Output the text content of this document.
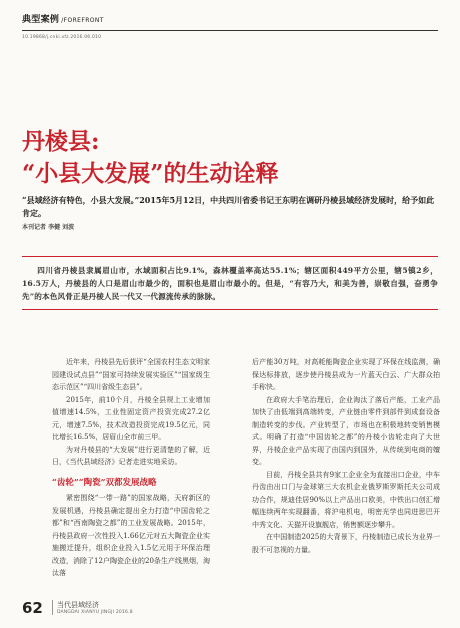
典型案例 /FOREFRONT
10.19868/j.cnki.xfz.2016.06.010
丹棱县:
“小县大发展”的生动诠释
“县域经济有特色，小县大发展。”2015年5月12日，中共四川省委书记王东明在调研丹棱县域经济发展时，给予如此肯定。
本刊记者 李健 刘波

四川省丹棱县隶属眉山市，水域面积占比9.1%，森林覆盖率高达55.1%；辖区面积449平方公里，辖5镇2乡，16.5万人，丹棱县的人口是眉山市最少的，面积也是眉山市最小的。但是，“有容乃大，和美为善，崇敬自强，奋勇争先”的本色风骨正是丹棱人民一代又一代源流传承的脉脉。

近年来，丹棱县先后获评“全国农村生态文明家园建设试点县”“国家可持续发展实验区”“国家级生态示范区”“四川省级生态县”。

2015年，前10个月，丹棱全县规上工业增加值增速14.5%，工业性固定资产投资完成27.2亿元，增速7.5%，技术改造投资完成19.5亿元，同比增长16.5%，居眉山全市前三甲。

为对丹棱县的“大发展”进行更清楚的了解，近日，《当代县域经济》记者走进实地采访。

“齿轮”“陶瓷”双都发展战略

紧密围绕“一带一路”的国家战略，天府新区的发展机遇，丹棱县确定提出全力打造“中国齿轮之都”和“西南陶瓷之都”的工业发展战略。2015年，丹棱县政府一次性投入1.66亿元对五大陶瓷企业实施搬迁提升，组织企业投入1.5亿元用于环保治理改造，消除了12户陶瓷企业的20条生产线黑烟，淘汰落

后产能30万吨，对高耗能陶瓷企业实现了环保在线监测，确保达标排放，逐步使丹棱县成为一片蓝天白云、广大群众拍手称快。

在政府大手笔治理后，企业淘汰了落后产能，工业产品加快了由低端到高端转变，产业链由零件到部件到成套设备制造转变的步伐。产业转型了，市场也在积极地转变销售模式。明确了打造“中国齿轮之都”的丹棱小齿轮走向了大世界，丹棱企业产品实现了由国内到国外，从传统到电商的嬗变。

目前，丹棱全县共有9家工企业全为直接出口企业，中车丹齿由出口门与金球第三大农机企业俄罗斯罗斯托夫公司成功合作，规迪佳居90%以上产品出口欧美，中铁出口创汇增幅连续两年实现翻番，将沪电机电，明密光学也同进思巴开中秀文化、天猫开设旗舰店，销售额逐步攀升。

在中国制造2025的大背景下，丹棱制造已成长为业界一股不可忽视的力量。

62 当代县域经济
DANGDAI XIANYU JINGJI 2016.8
